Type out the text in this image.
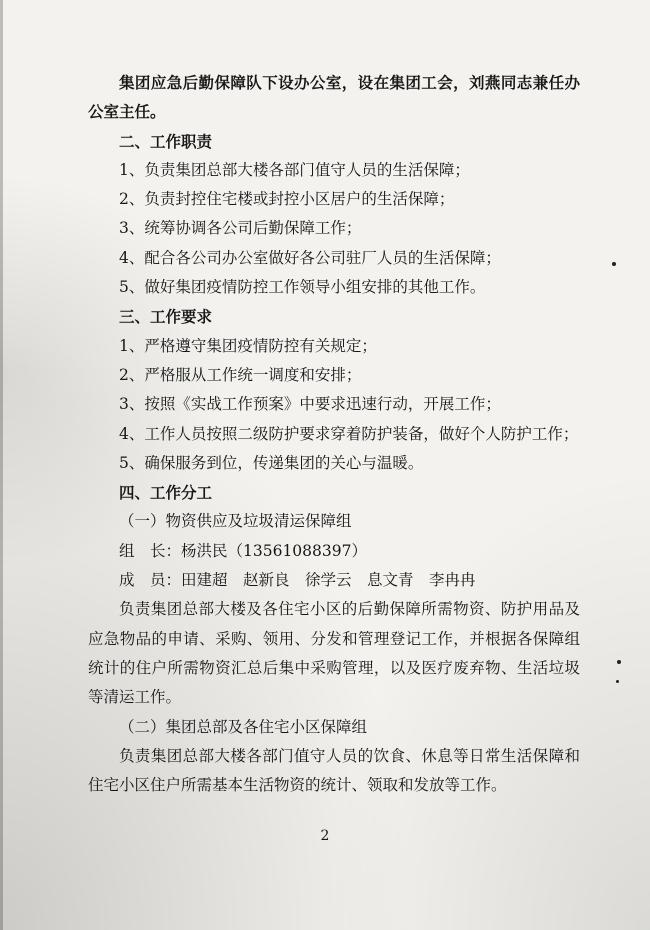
集团应急后勤保障队下设办公室，设在集团工会，刘燕同志兼任办公室主任。

二、工作职责

1、负责集团总部大楼各部门值守人员的生活保障；

2、负责封控住宅楼或封控小区居户的生活保障；

3、统筹协调各公司后勤保障工作；

4、配合各公司办公室做好各公司驻厂人员的生活保障；

5、做好集团疫情防控工作领导小组安排的其他工作。

三、工作要求

1、严格遵守集团疫情防控有关规定；

2、严格服从工作统一调度和安排；

3、按照《实战工作预案》中要求迅速行动，开展工作；

4、工作人员按照二级防护要求穿着防护装备，做好个人防护工作；

5、确保服务到位，传递集团的关心与温暖。

四、工作分工

（一）物资供应及垃圾清运保障组

组　长：杨洪民（13561088397）

成　员：田建超　赵新良　徐学云　息文青　李冉冉

负责集团总部大楼及各住宅小区的后勤保障所需物资、防护用品及应急物品的申请、采购、领用、分发和管理登记工作，并根据各保障组统计的住户所需物资汇总后集中采购管理，以及医疗废弃物、生活垃圾等清运工作。

（二）集团总部及各住宅小区保障组

负责集团总部大楼各部门值守人员的饮食、休息等日常生活保障和住宅小区住户所需基本生活物资的统计、领取和发放等工作。

2
